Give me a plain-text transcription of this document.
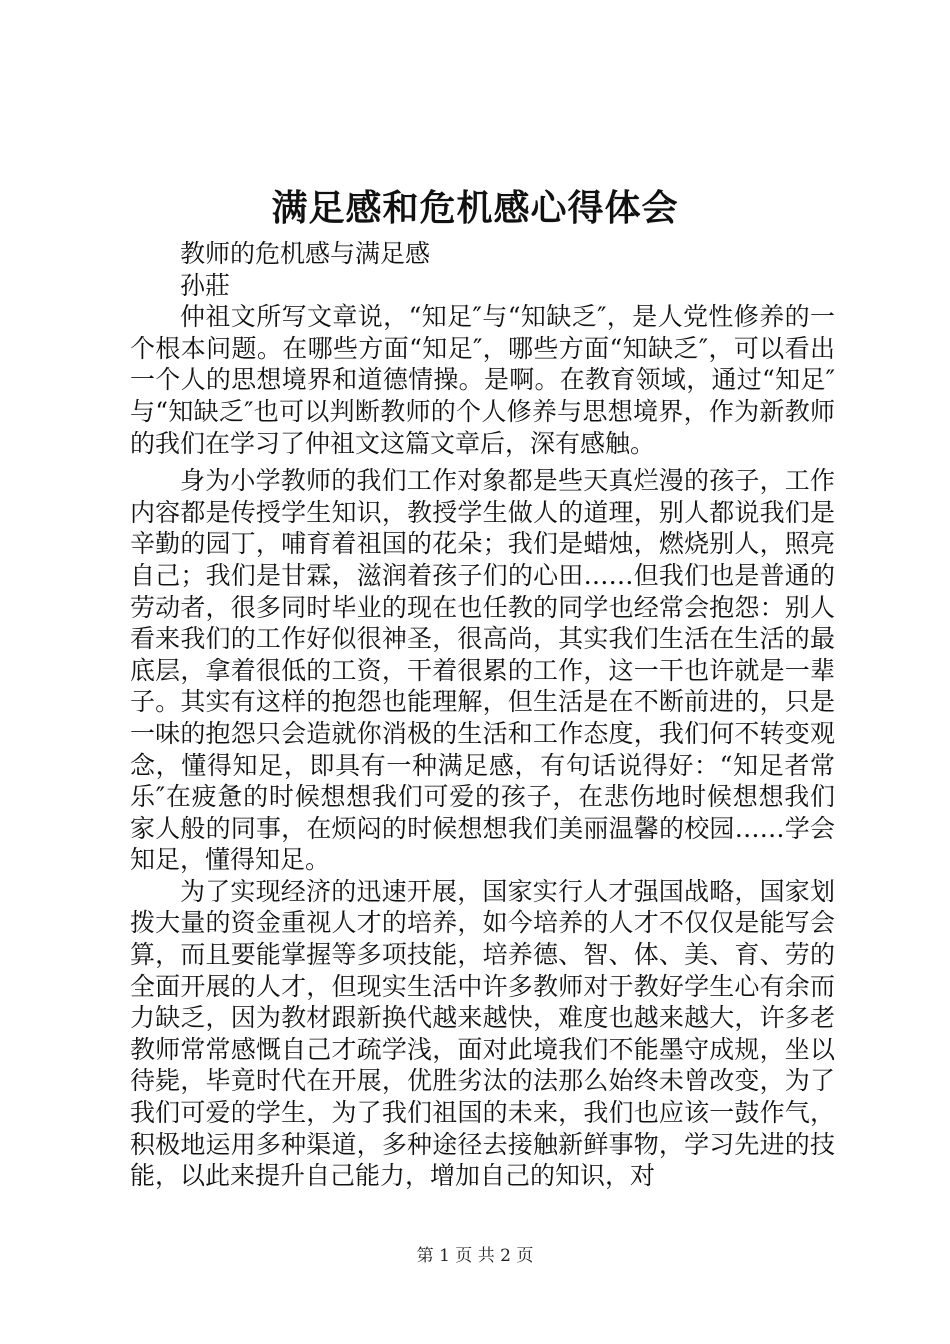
满足感和危机感心得体会

教师的危机感与满足感

孙莊

仲祖文所写文章说，“知足″与“知缺乏″，是人党性修养的一个根本问题。在哪些方面“知足″，哪些方面“知缺乏″，可以看出一个人的思想境界和道德情操。是啊。在教育领域，通过“知足″与“知缺乏″也可以判断教师的个人修养与思想境界，作为新教师的我们在学习了仲祖文这篇文章后，深有感触。

身为小学教师的我们工作对象都是些天真烂漫的孩子，工作内容都是传授学生知识，教授学生做人的道理，别人都说我们是辛勤的园丁，哺育着祖国的花朵；我们是蜡烛，燃烧别人，照亮自己；我们是甘霖，滋润着孩子们的心田……但我们也是普通的劳动者，很多同时毕业的现在也任教的同学也经常会抱怨：别人看来我们的工作好似很神圣，很高尚，其实我们生活在生活的最底层，拿着很低的工资，干着很累的工作，这一干也许就是一辈子。其实有这样的抱怨也能理解，但生活是在不断前进的，只是一味的抱怨只会造就你消极的生活和工作态度，我们何不转变观念，懂得知足，即具有一种满足感，有句话说得好：“知足者常乐″在疲惫的时候想想我们可爱的孩子，在悲伤地时候想想我们家人般的同事，在烦闷的时候想想我们美丽温馨的校园……学会知足，懂得知足。

为了实现经济的迅速开展，国家实行人才强国战略，国家划拨大量的资金重视人才的培养，如今培养的人才不仅仅是能写会算，而且要能掌握等多项技能，培养德、智、体、美、育、劳的全面开展的人才，但现实生活中许多教师对于教好学生心有余而力缺乏，因为教材跟新换代越来越快，难度也越来越大，许多老教师常常感慨自己才疏学浅，面对此境我们不能墨守成规，坐以待毙，毕竟时代在开展，优胜劣汰的法那么始终未曾改变，为了我们可爱的学生，为了我们祖国的未来，我们也应该一鼓作气，积极地运用多种渠道，多种途径去接触新鲜事物，学习先进的技能，以此来提升自己能力，增加自己的知识，对

第 1 页 共 2 页
